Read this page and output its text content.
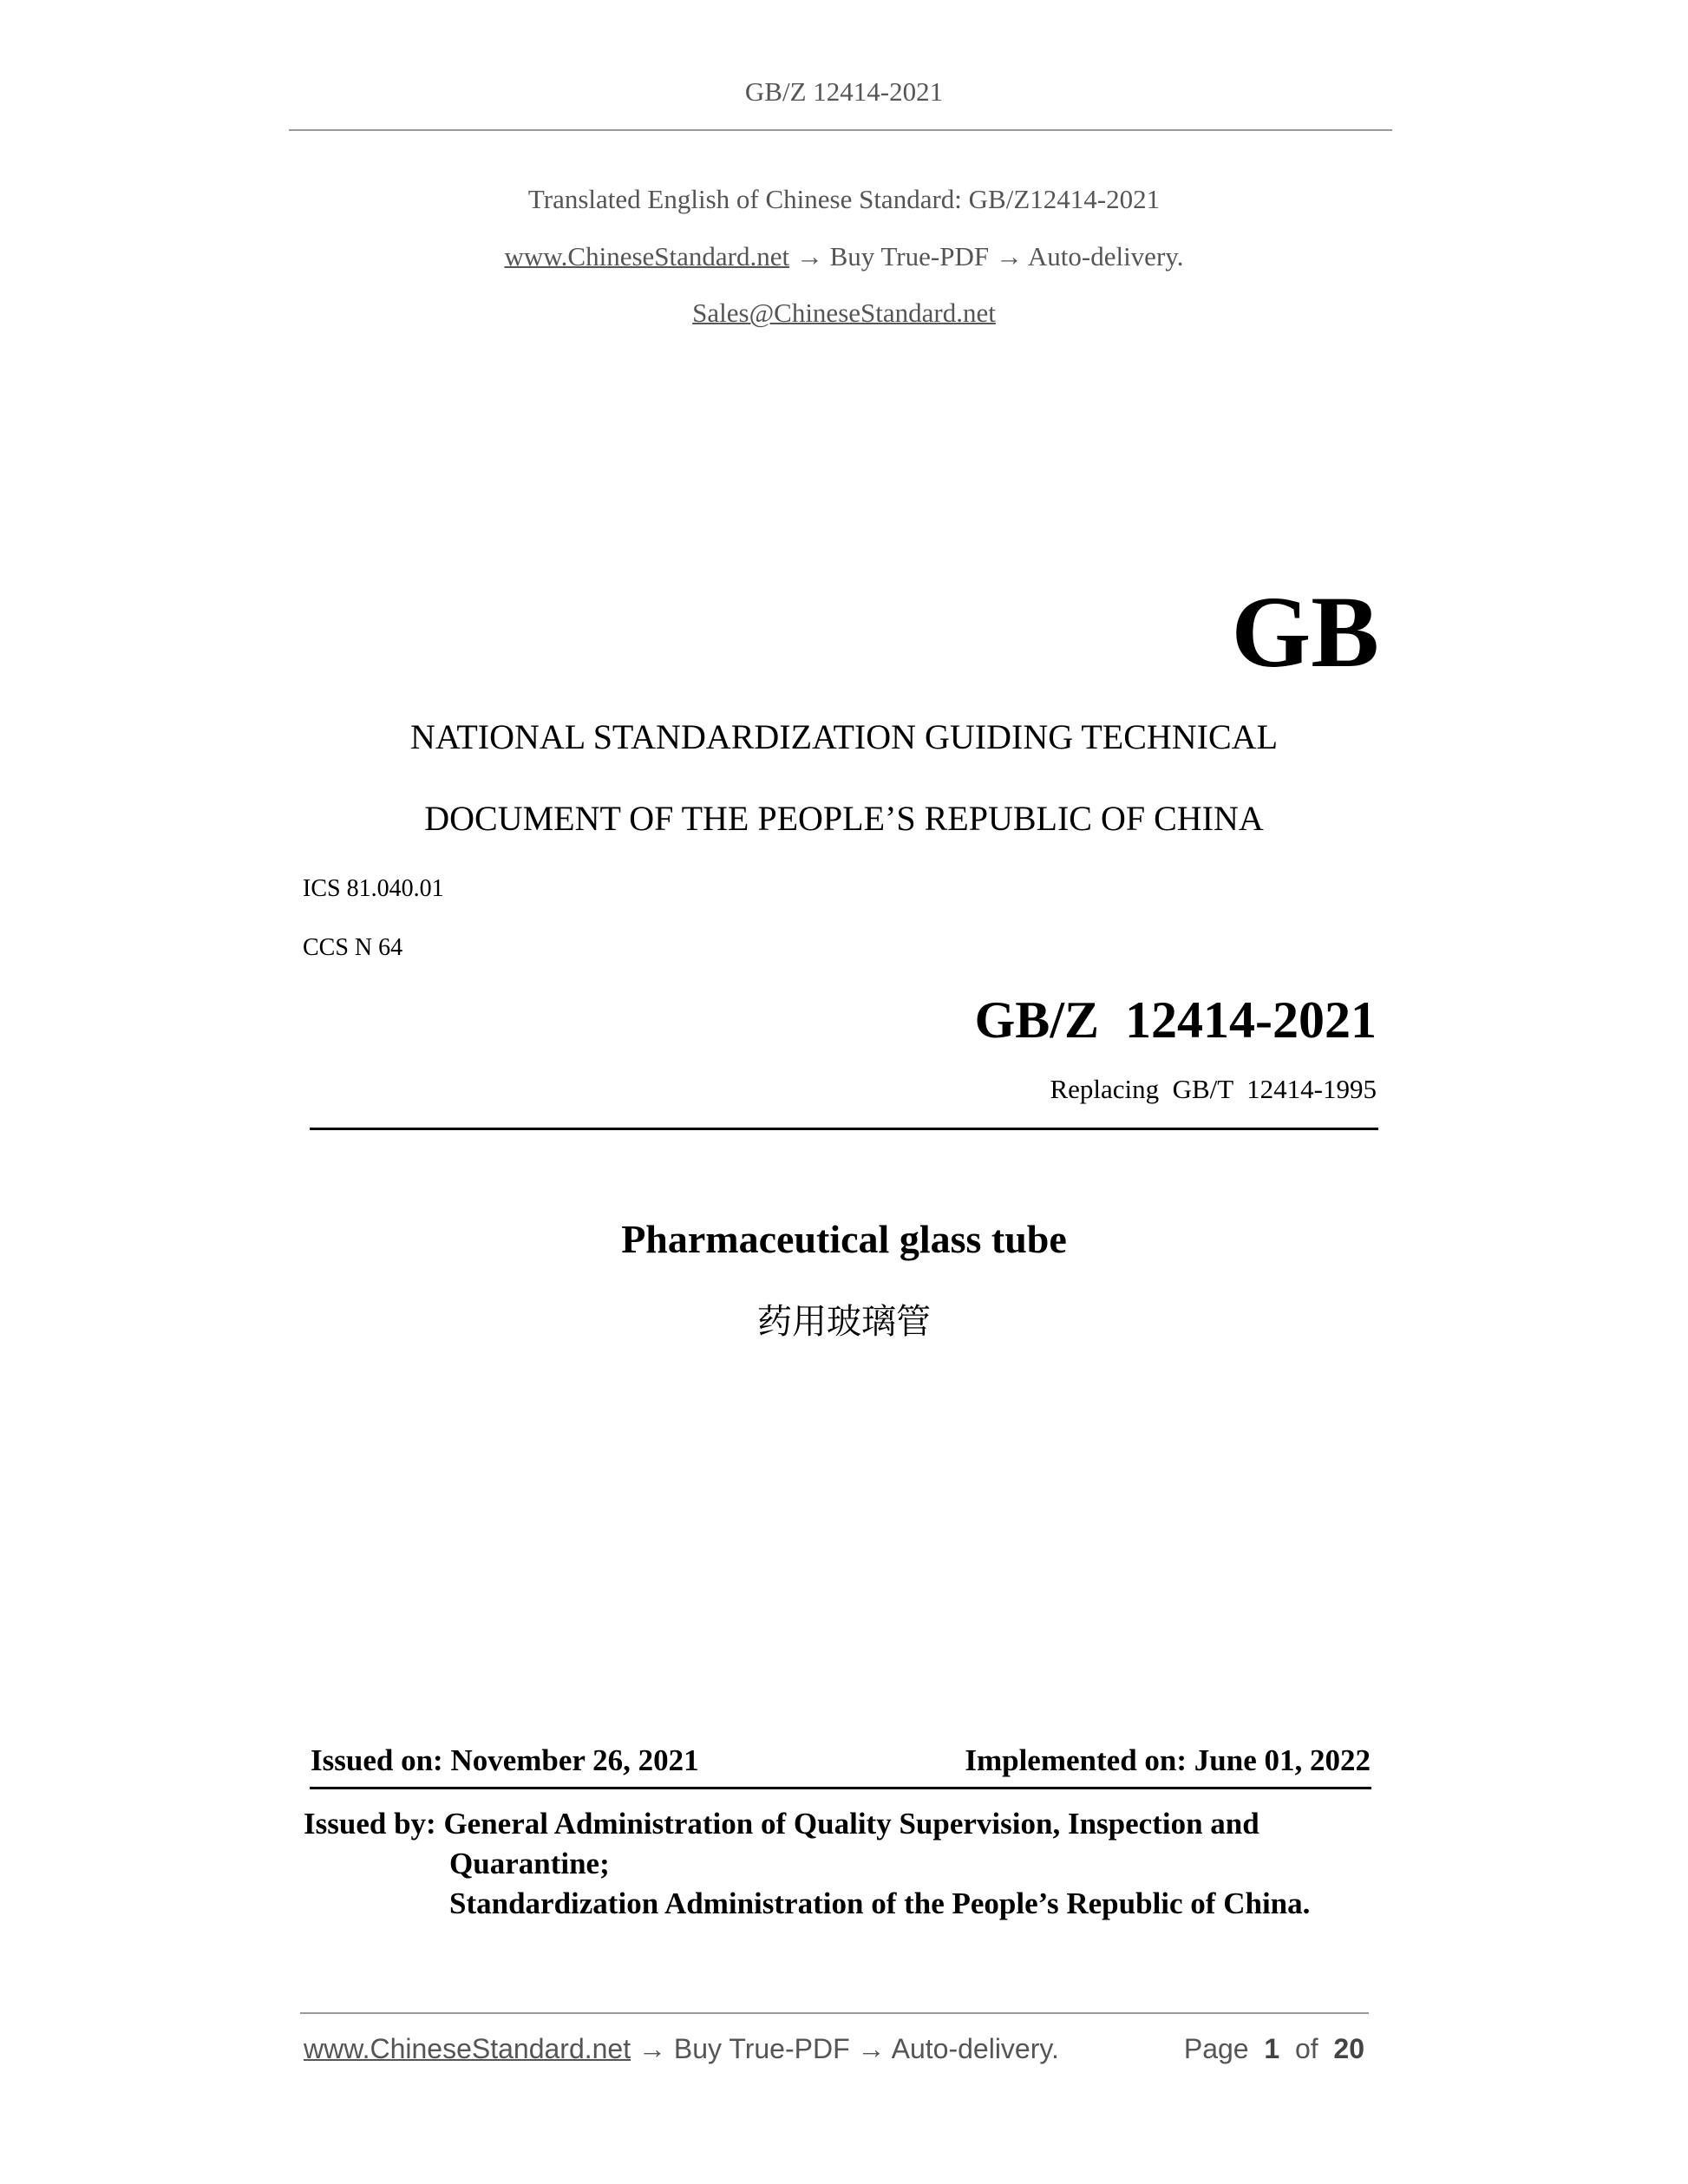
GB/Z 12414-2021
Translated English of Chinese Standard: GB/Z12414-2021
www.ChineseStandard.net → Buy True-PDF → Auto-delivery.
Sales@ChineseStandard.net
GB
NATIONAL STANDARDIZATION GUIDING TECHNICAL
DOCUMENT OF THE PEOPLE’S REPUBLIC OF CHINA
ICS 81.040.01
CCS N 64
GB/Z  12414-2021
Replacing  GB/T  12414-1995
Pharmaceutical glass tube
药用玻璃管
Issued on: November 26, 2021	Implemented on: June 01, 2022
Issued by: General Administration of Quality Supervision, Inspection and
Quarantine;
Standardization Administration of the People’s Republic of China.
www.ChineseStandard.net → Buy True-PDF → Auto-delivery.	Page 1 of 20
